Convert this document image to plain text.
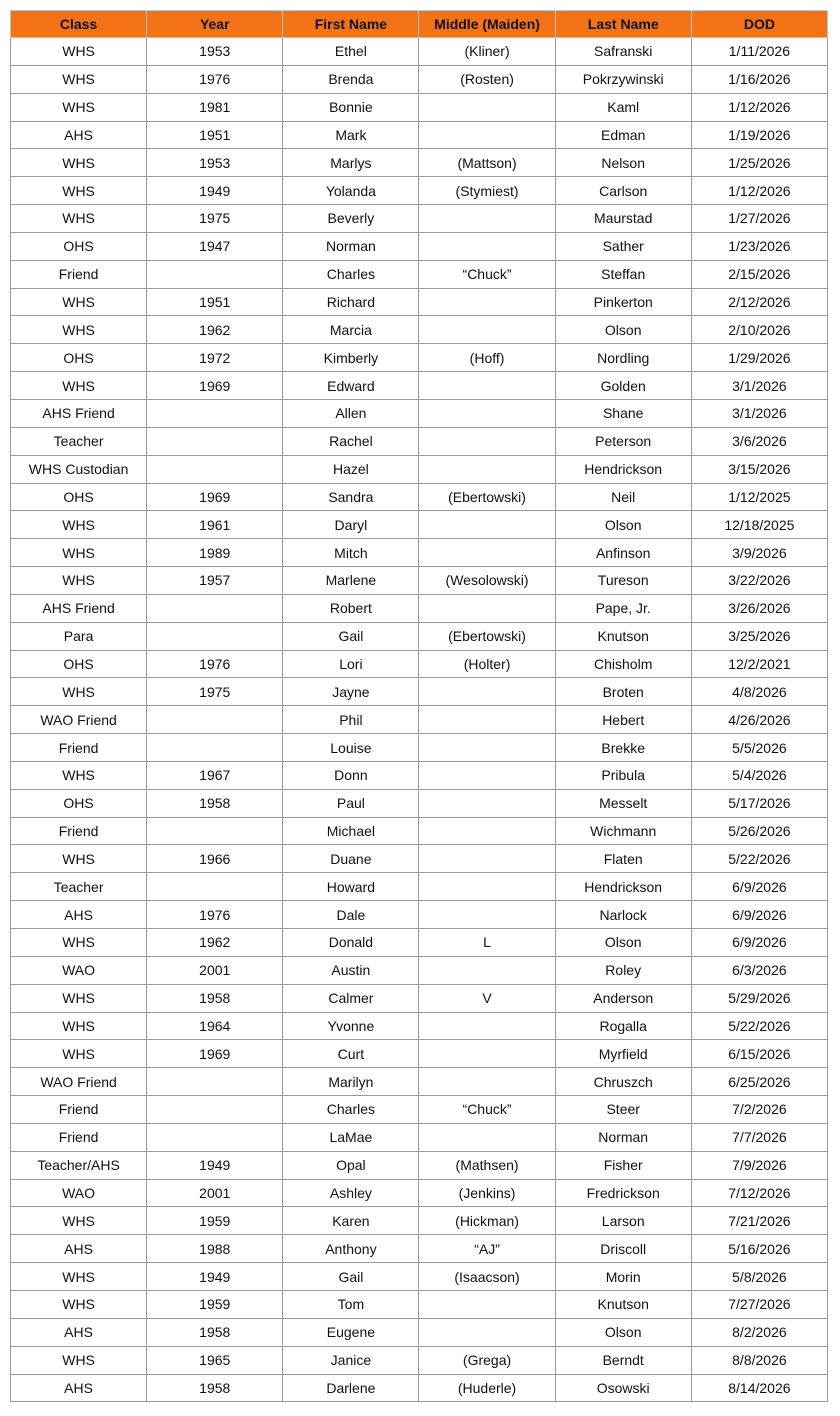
Class	Year	First Name	Middle (Maiden)	Last Name	DOD
WHS	1953	Ethel	(Kliner)	Safranski	1/11/2026
WHS	1976	Brenda	(Rosten)	Pokrzywinski	1/16/2026
WHS	1981	Bonnie		Kaml	1/12/2026
AHS	1951	Mark		Edman	1/19/2026
WHS	1953	Marlys	(Mattson)	Nelson	1/25/2026
WHS	1949	Yolanda	(Stymiest)	Carlson	1/12/2026
WHS	1975	Beverly		Maurstad	1/27/2026
OHS	1947	Norman		Sather	1/23/2026
Friend		Charles	“Chuck”	Steffan	2/15/2026
WHS	1951	Richard		Pinkerton	2/12/2026
WHS	1962	Marcia		Olson	2/10/2026
OHS	1972	Kimberly	(Hoff)	Nordling	1/29/2026
WHS	1969	Edward		Golden	3/1/2026
AHS Friend		Allen		Shane	3/1/2026
Teacher		Rachel		Peterson	3/6/2026
WHS Custodian		Hazel		Hendrickson	3/15/2026
OHS	1969	Sandra	(Ebertowski)	Neil	1/12/2025
WHS	1961	Daryl		Olson	12/18/2025
WHS	1989	Mitch		Anfinson	3/9/2026
WHS	1957	Marlene	(Wesolowski)	Tureson	3/22/2026
AHS Friend		Robert		Pape, Jr.	3/26/2026
Para		Gail	(Ebertowski)	Knutson	3/25/2026
OHS	1976	Lori	(Holter)	Chisholm	12/2/2021
WHS	1975	Jayne		Broten	4/8/2026
WAO Friend		Phil		Hebert	4/26/2026
Friend		Louise		Brekke	5/5/2026
WHS	1967	Donn		Pribula	5/4/2026
OHS	1958	Paul		Messelt	5/17/2026
Friend		Michael		Wichmann	5/26/2026
WHS	1966	Duane		Flaten	5/22/2026
Teacher		Howard		Hendrickson	6/9/2026
AHS	1976	Dale		Narlock	6/9/2026
WHS	1962	Donald	L	Olson	6/9/2026
WAO	2001	Austin		Roley	6/3/2026
WHS	1958	Calmer	V	Anderson	5/29/2026
WHS	1964	Yvonne		Rogalla	5/22/2026
WHS	1969	Curt		Myrfield	6/15/2026
WAO Friend		Marilyn		Chruszch	6/25/2026
Friend		Charles	“Chuck”	Steer	7/2/2026
Friend		LaMae		Norman	7/7/2026
Teacher/AHS	1949	Opal	(Mathsen)	Fisher	7/9/2026
WAO	2001	Ashley	(Jenkins)	Fredrickson	7/12/2026
WHS	1959	Karen	(Hickman)	Larson	7/21/2026
AHS	1988	Anthony	“AJ”	Driscoll	5/16/2026
WHS	1949	Gail	(Isaacson)	Morin	5/8/2026
WHS	1959	Tom		Knutson	7/27/2026
AHS	1958	Eugene		Olson	8/2/2026
WHS	1965	Janice	(Grega)	Berndt	8/8/2026
AHS	1958	Darlene	(Huderle)	Osowski	8/14/2026
